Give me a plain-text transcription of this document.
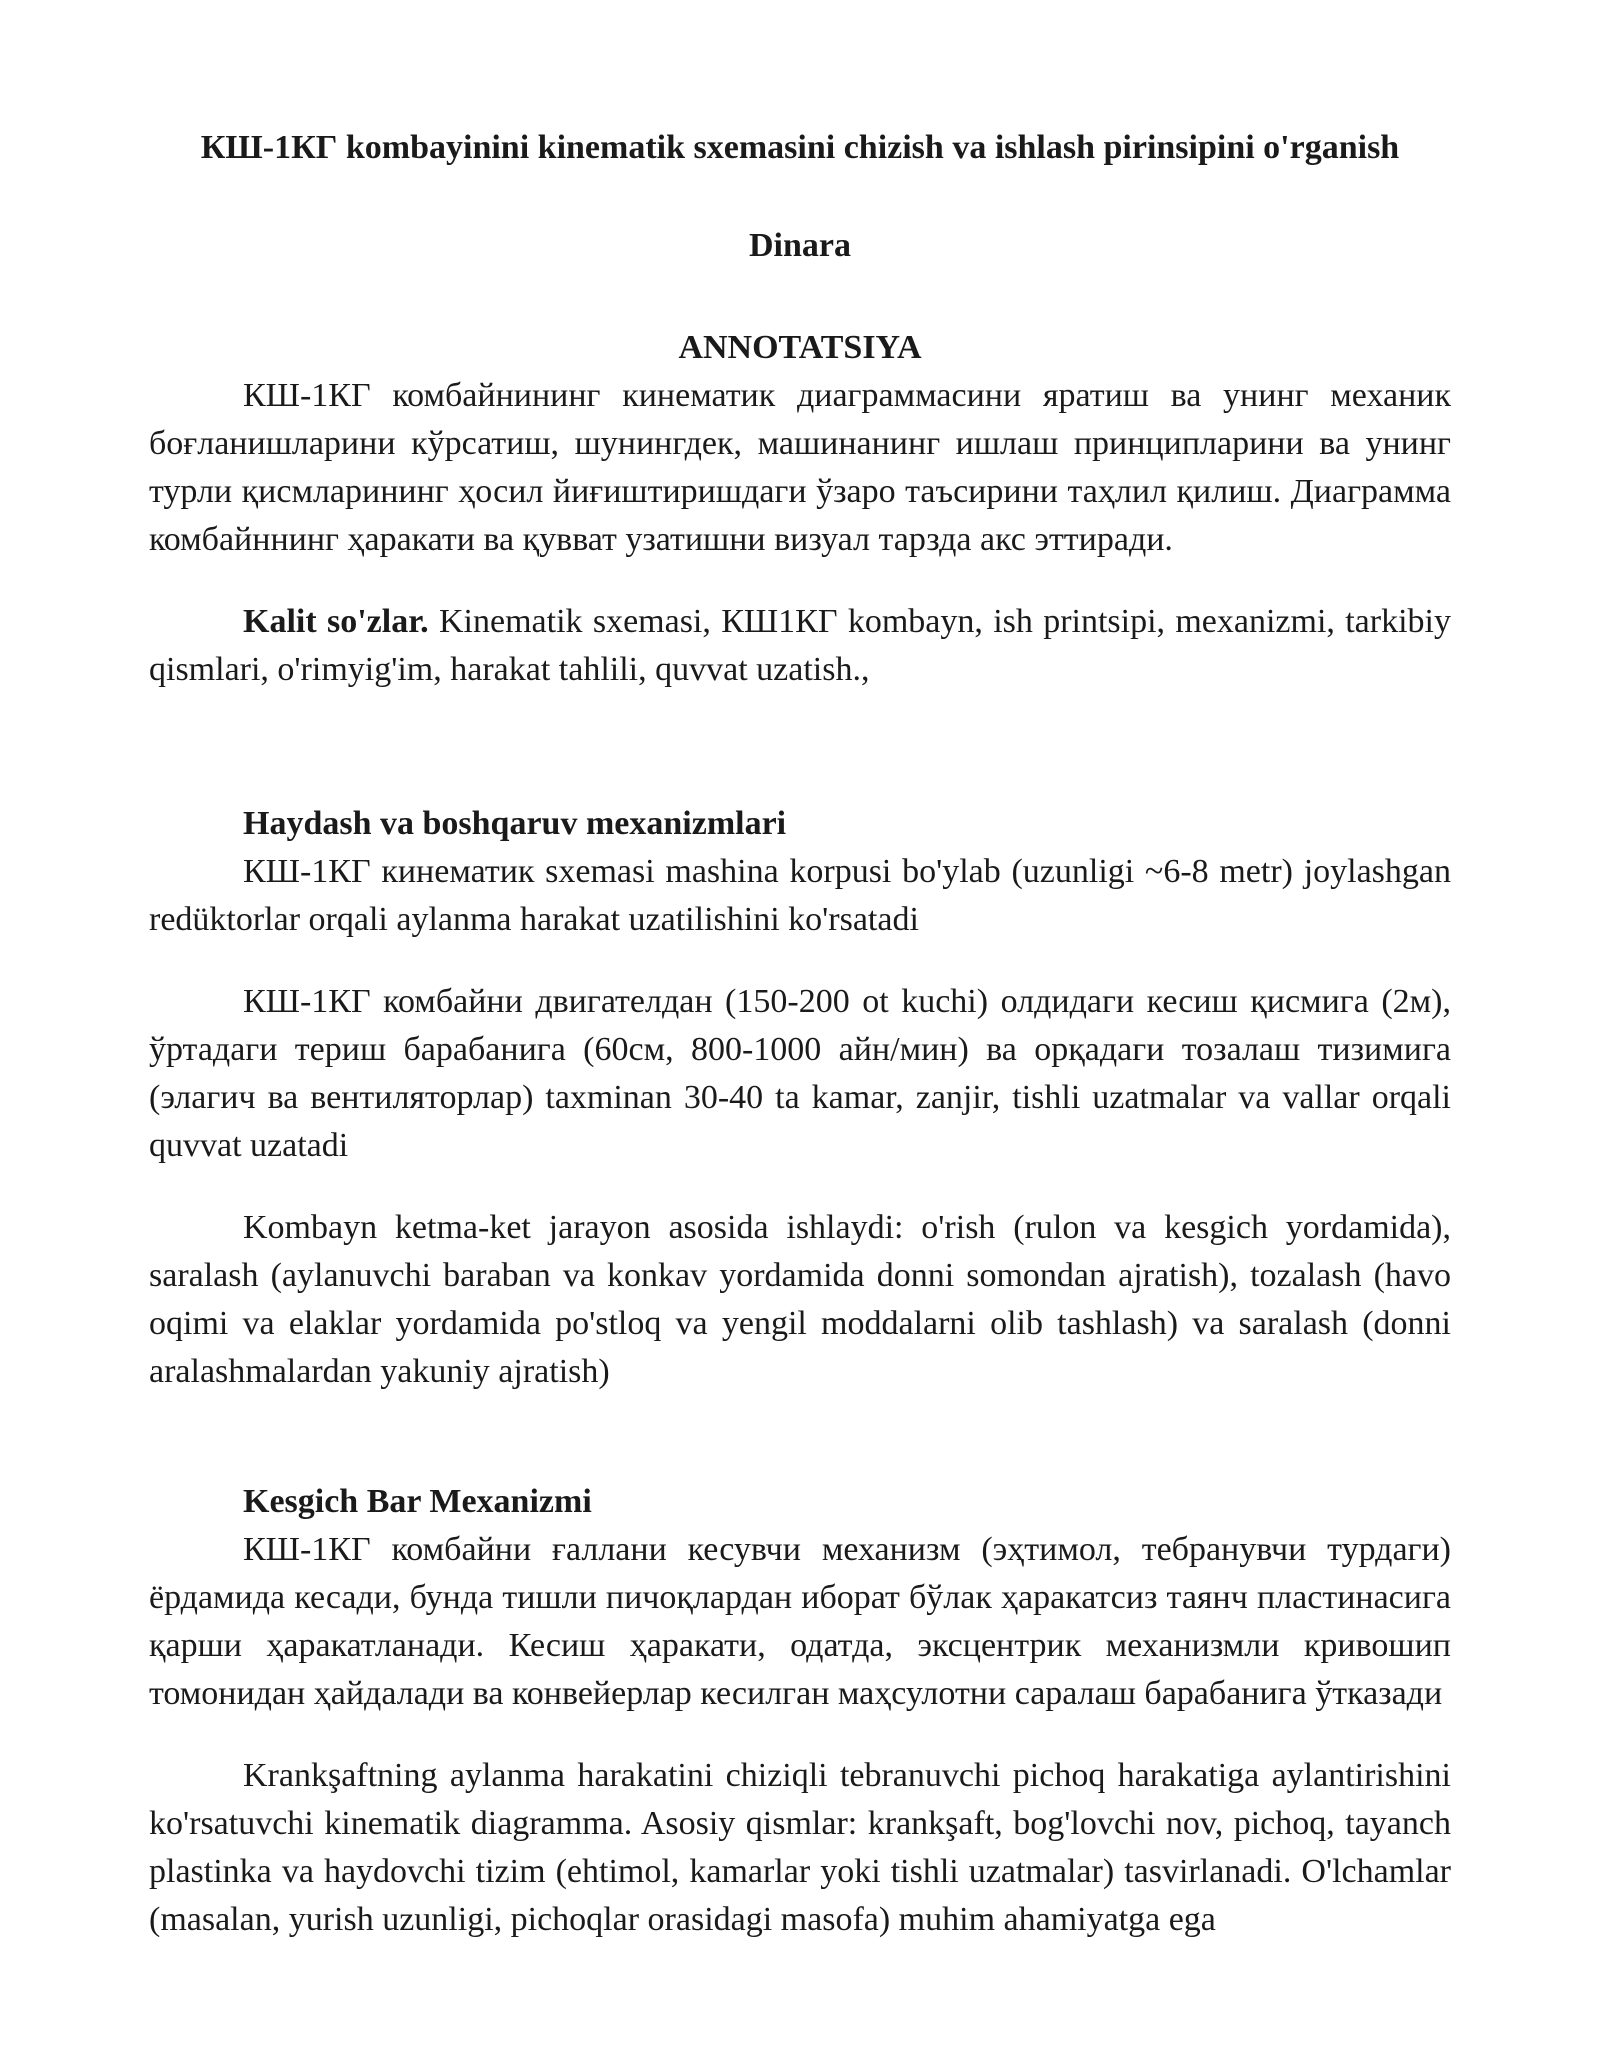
КШ-1КГ kombayinini kinematik sxemasini chizish va ishlash pirinsipini o'rganish
Dinara
ANNOTATSIYA

КШ-1КГ комбайнининг кинематик диаграммасини яратиш ва унинг механик боғланишларини кўрсатиш, шунингдек, машинанинг ишлаш принципларини ва унинг турли қисмларининг ҳосил йиғиштиришдаги ўзаро таъсирини таҳлил қилиш. Диаграмма комбайннинг ҳаракати ва қувват узатишни визуал тарзда акс эттиради.

Kalit so'zlar. Kinematik sxemasi, КШ1КГ kombayn, ish printsipi, mexanizmi, tarkibiy qismlari, o'rimyig'im, harakat tahlili, quvvat uzatish.,

Haydash va boshqaruv mexanizmlari

КШ-1КГ кинематик sxemasi mashina korpusi bo'ylab (uzunligi ~6-8 metr) joylashgan redüktorlar orqali aylanma harakat uzatilishini ko'rsatadi

КШ-1КГ комбайни двигателдан (150-200 ot kuchi) олдидаги кесиш қисмига (2м), ўртадаги териш барабанига (60см, 800-1000 айн/мин) ва орқадаги тозалаш тизимига (элагич ва вентиляторлар) taxminan 30-40 ta kamar, zanjir, tishli uzatmalar va vallar orqali quvvat uzatadi

Kombayn ketma-ket jarayon asosida ishlaydi: o'rish (rulon va kesgich yordamida), saralash (aylanuvchi baraban va konkav yordamida donni somondan ajratish), tozalash (havo oqimi va elaklar yordamida po'stloq va yengil moddalarni olib tashlash) va saralash (donni aralashmalardan yakuniy ajratish)

Kesgich Bar Mexanizmi

КШ-1КГ комбайни ғаллани кесувчи механизм (эҳтимол, тебранувчи турдаги) ёрдамида кесади, бунда тишли пичоқлардан иборат бўлак ҳаракатсиз таянч пластинасига қарши ҳаракатланади. Кесиш ҳаракати, одатда, эксцентрик механизмли кривошип томонидан ҳайдалади ва конвейерлар кесилган маҳсулотни саралаш барабанига ўтказади

Krankşaftning aylanma harakatini chiziqli tebranuvchi pichoq harakatiga aylantirishini ko'rsatuvchi kinematik diagramma. Asosiy qismlar: krankşaft, bog'lovchi nov, pichoq, tayanch plastinka va haydovchi tizim (ehtimol, kamarlar yoki tishli uzatmalar) tasvirlanadi. O'lchamlar (masalan, yurish uzunligi, pichoqlar orasidagi masofa) muhim ahamiyatga ega
